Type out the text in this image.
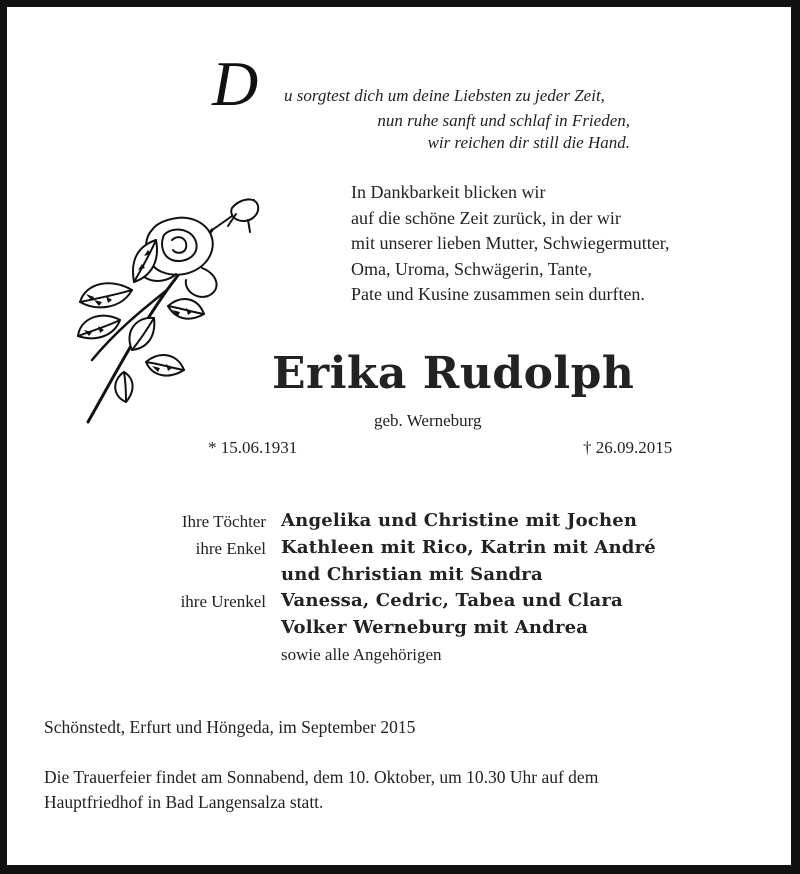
D u sorgtest dich um deine Liebsten zu jeder Zeit,
nun ruhe sanft und schlaf in Frieden,
wir reichen dir still die Hand.
In Dankbarkeit blicken wir
auf die schöne Zeit zurück, in der wir
mit unserer lieben Mutter, Schwiegermutter,
Oma, Uroma, Schwägerin, Tante,
Pate und Kusine zusammen sein durften.
Erika Rudolph
geb. Werneburg
* 15.06.1931	† 26.09.2015
Ihre Töchter Angelika und Christine mit Jochen
ihre Enkel Kathleen mit Rico, Katrin mit André
und Christian mit Sandra
ihre Urenkel Vanessa, Cedric, Tabea und Clara
Volker Werneburg mit Andrea
sowie alle Angehörigen
Schönstedt, Erfurt und Höngeda, im September 2015
Die Trauerfeier findet am Sonnabend, dem 10. Oktober, um 10.30 Uhr auf dem
Hauptfriedhof in Bad Langensalza statt.
